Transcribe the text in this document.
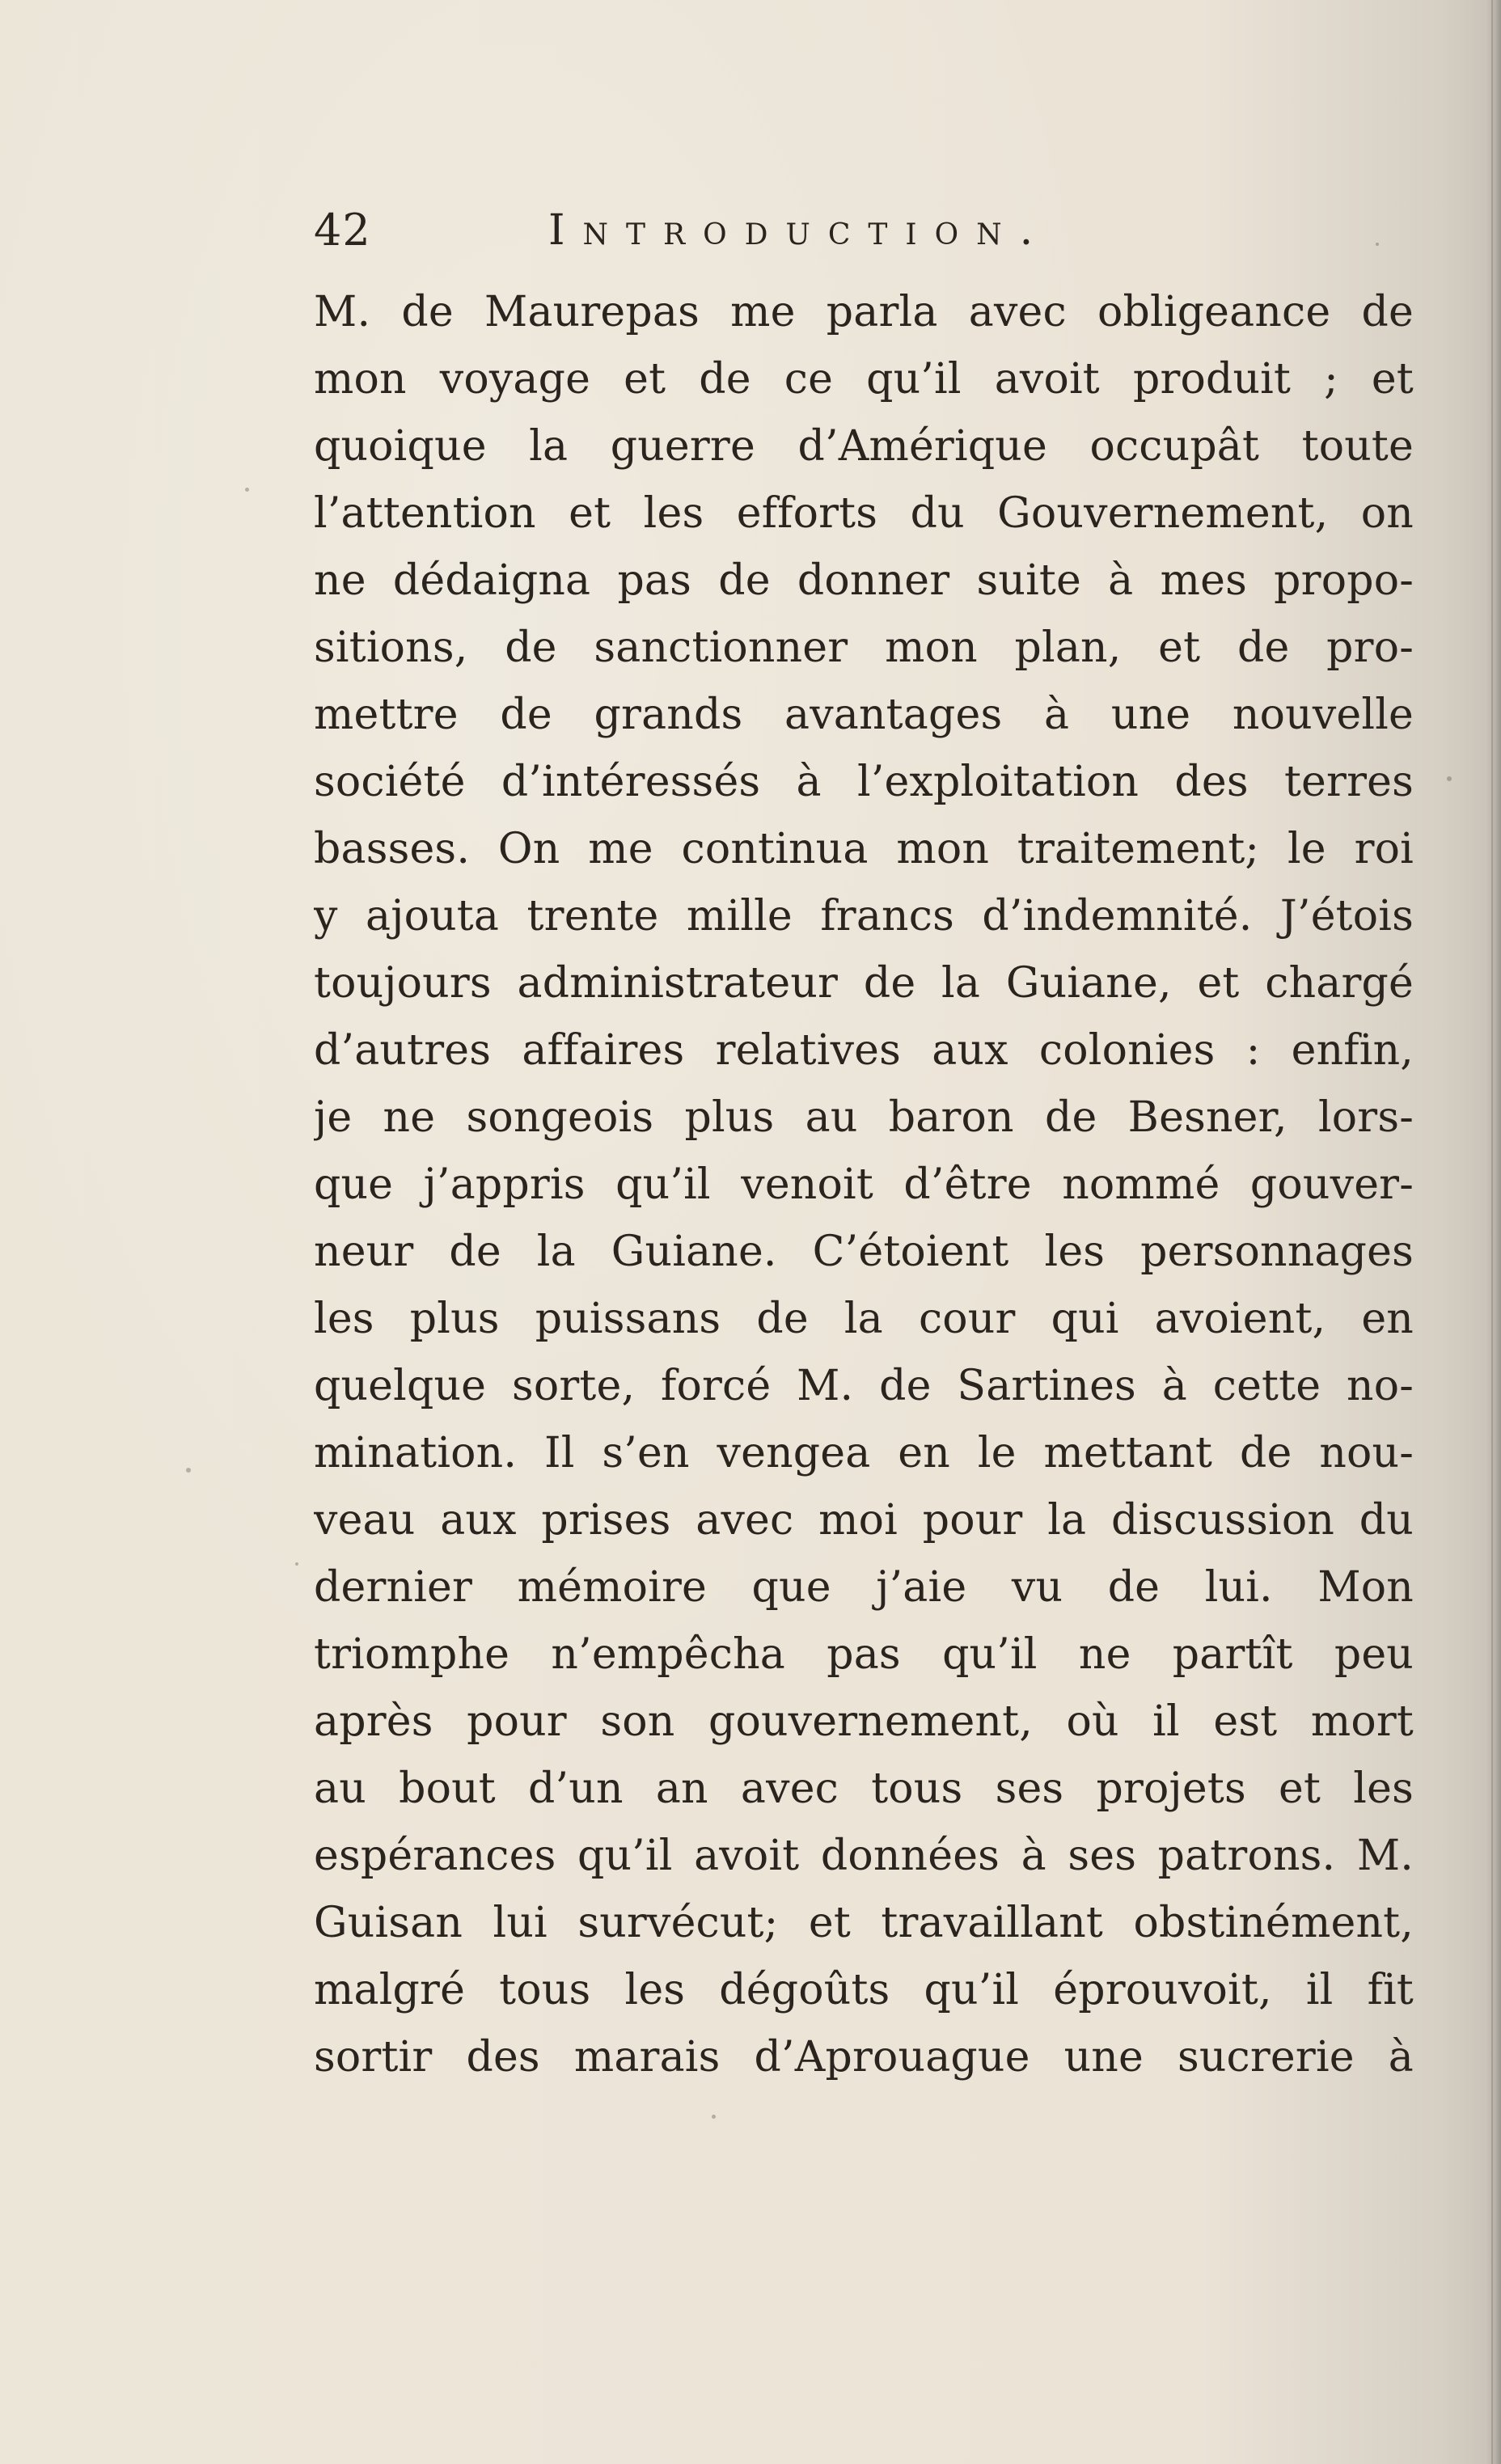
42	Introduction.
M. de Maurepas me parla avec obligeance de
mon voyage et de ce qu’il avoit produit ; et
quoique la guerre d’Amérique occupât toute
l’attention et les efforts du Gouvernement, on
ne dédaigna pas de donner suite à mes propo-
sitions, de sanctionner mon plan, et de pro-
mettre de grands avantages à une nouvelle
société d’intéressés à l’exploitation des terres
basses. On me continua mon traitement; le roi
y ajouta trente mille francs d’indemnité. J’étois
toujours administrateur de la Guiane, et chargé
d’autres affaires relatives aux colonies : enfin,
je ne songeois plus au baron de Besner, lors-
que j’appris qu’il venoit d’être nommé gouver-
neur de la Guiane. C’étoient les personnages
les plus puissans de la cour qui avoient, en
quelque sorte, forcé M. de Sartines à cette no-
mination. Il s’en vengea en le mettant de nou-
veau aux prises avec moi pour la discussion du
dernier mémoire que j’aie vu de lui. Mon
triomphe n’empêcha pas qu’il ne partît peu
après pour son gouvernement, où il est mort
au bout d’un an avec tous ses projets et les
espérances qu’il avoit données à ses patrons. M.
Guisan lui survécut; et travaillant obstinément,
malgré tous les dégoûts qu’il éprouvoit, il fit
sortir des marais d’Aprouague une sucrerie à
